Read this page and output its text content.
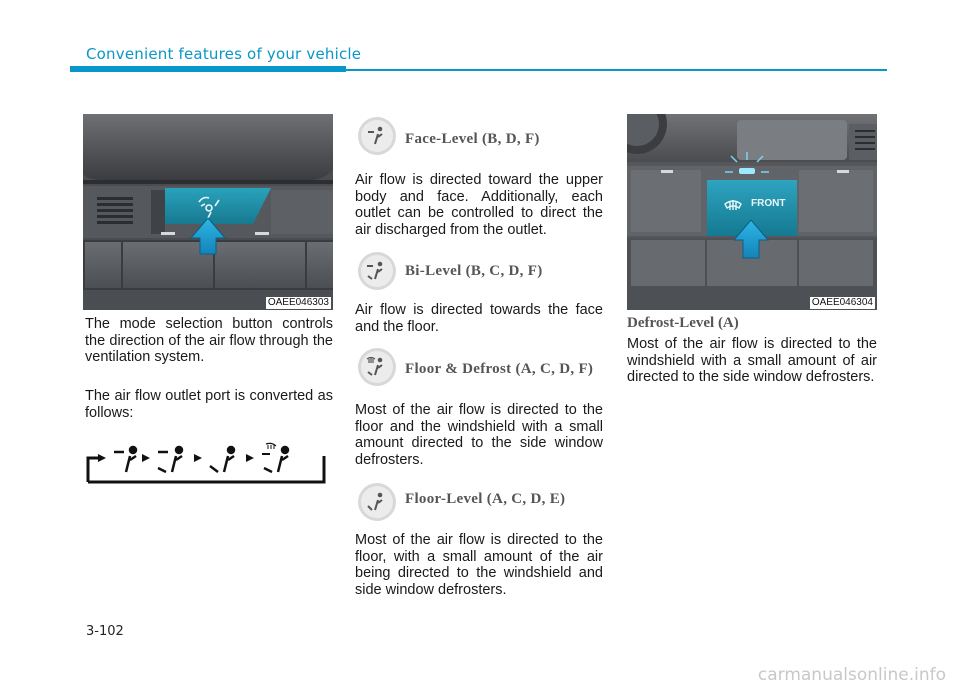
Convenient features of your vehicle
OAEE046303
The mode selection button controls the direction of the air flow through the ventilation system.
The air flow outlet port is converted as follows:
Face-Level (B, D, F)
Air flow is directed toward the upper body and face. Additionally, each outlet can be controlled to direct the air discharged from the outlet.
Bi-Level (B, C, D, F)
Air flow is directed towards the face and the floor.
Floor & Defrost (A, C, D, F)
Most of the air flow is directed to the floor and the windshield with a small amount directed to the side window defrosters.
Floor-Level (A, C, D, E)
Most of the air flow is directed to the floor, with a small amount of the air being directed to the windshield and side window defrosters.
FRONT
OAEE046304
Defrost-Level (A)
Most of the air flow is directed to the windshield with a small amount of air directed to the side window defrosters.
3-102
carmanualsonline.info
